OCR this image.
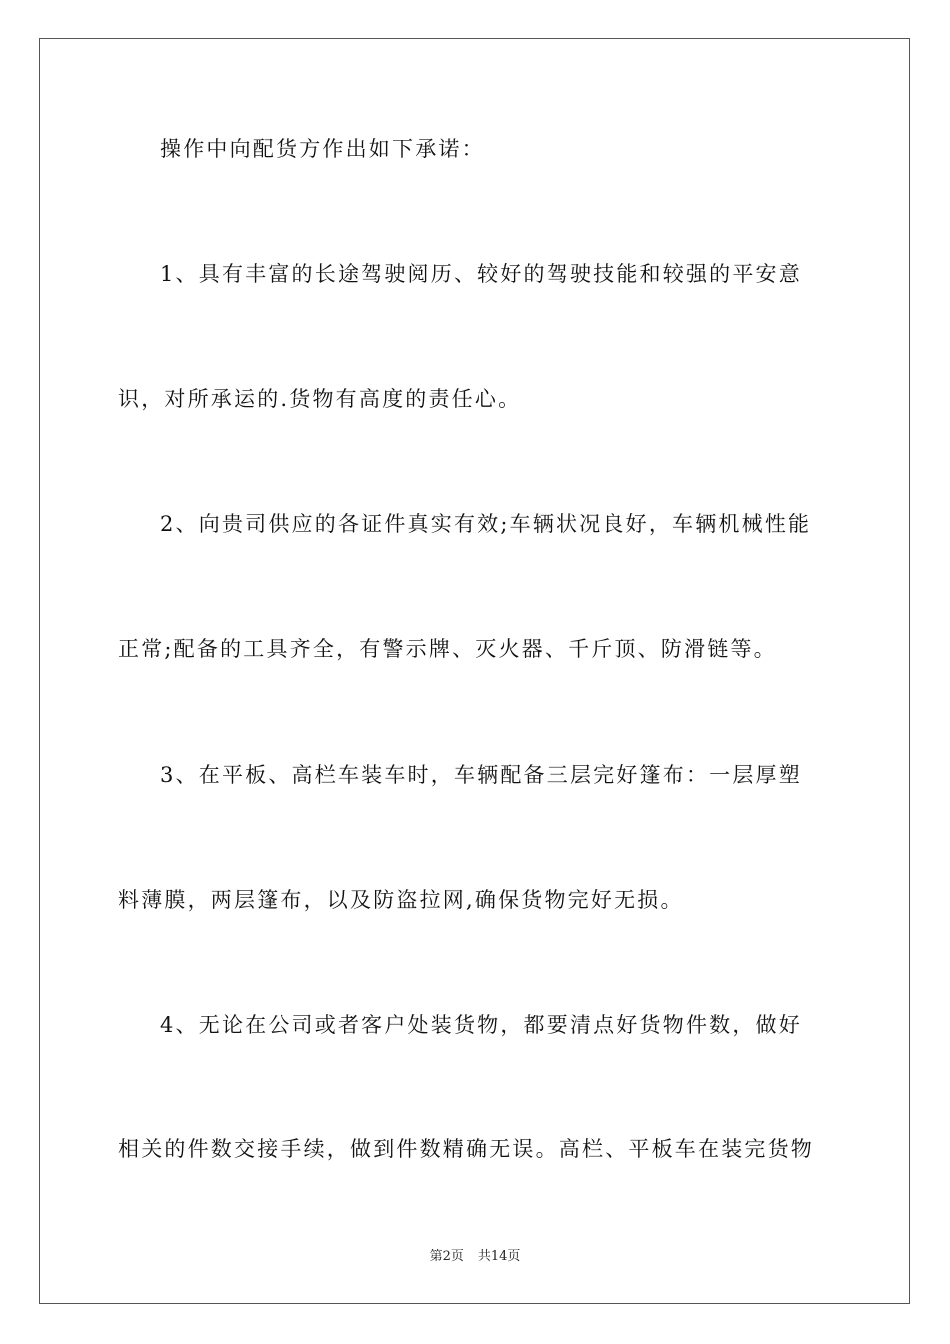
操作中向配货方作出如下承诺：
1、具有丰富的长途驾驶阅历、较好的驾驶技能和较强的平安意
识，对所承运的.货物有高度的责任心。
2、向贵司供应的各证件真实有效;车辆状况良好，车辆机械性能
正常;配备的工具齐全，有警示牌、灭火器、千斤顶、防滑链等。
3、在平板、高栏车装车时，车辆配备三层完好篷布：一层厚塑
料薄膜，两层篷布，以及防盗拉网,确保货物完好无损。
4、无论在公司或者客户处装货物，都要清点好货物件数，做好
相关的件数交接手续，做到件数精确无误。高栏、平板车在装完货物
第2页 共14页
